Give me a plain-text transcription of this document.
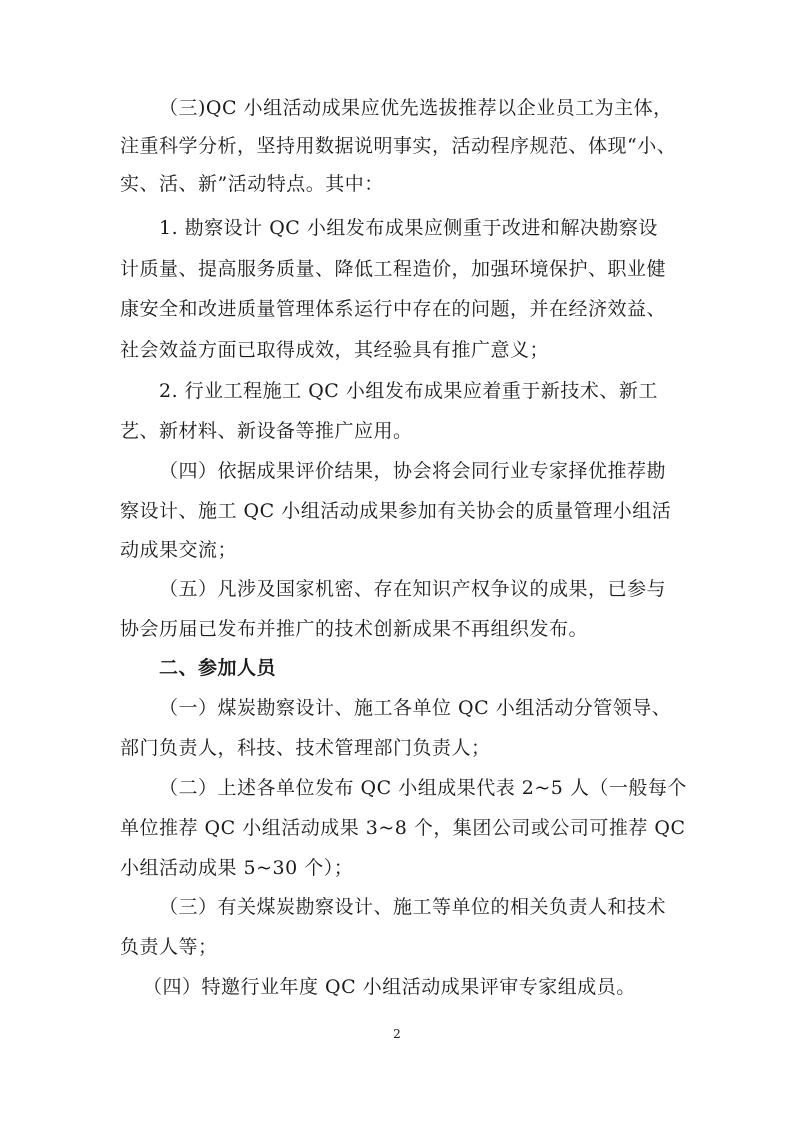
（三)QC 小组活动成果应优先选拔推荐以企业员工为主体，
注重科学分析，坚持用数据说明事实，活动程序规范、体现“小、
实、活、新”活动特点。其中：
1. 勘察设计 QC 小组发布成果应侧重于改进和解决勘察设
计质量、提高服务质量、降低工程造价，加强环境保护、职业健
康安全和改进质量管理体系运行中存在的问题，并在经济效益、
社会效益方面已取得成效，其经验具有推广意义；
2. 行业工程施工 QC 小组发布成果应着重于新技术、新工
艺、新材料、新设备等推广应用。
（四）依据成果评价结果，协会将会同行业专家择优推荐勘
察设计、施工 QC 小组活动成果参加有关协会的质量管理小组活
动成果交流；
（五）凡涉及国家机密、存在知识产权争议的成果，已参与
协会历届已发布并推广的技术创新成果不再组织发布。
二、参加人员
（一）煤炭勘察设计、施工各单位 QC 小组活动分管领导、
部门负责人，科技、技术管理部门负责人；
（二）上述各单位发布 QC 小组成果代表 2~5 人（一般每个
单位推荐 QC 小组活动成果 3~8 个，集团公司或公司可推荐 QC
小组活动成果 5~30 个）；
（三）有关煤炭勘察设计、施工等单位的相关负责人和技术
负责人等；
（四）特邀行业年度 QC 小组活动成果评审专家组成员。
2
